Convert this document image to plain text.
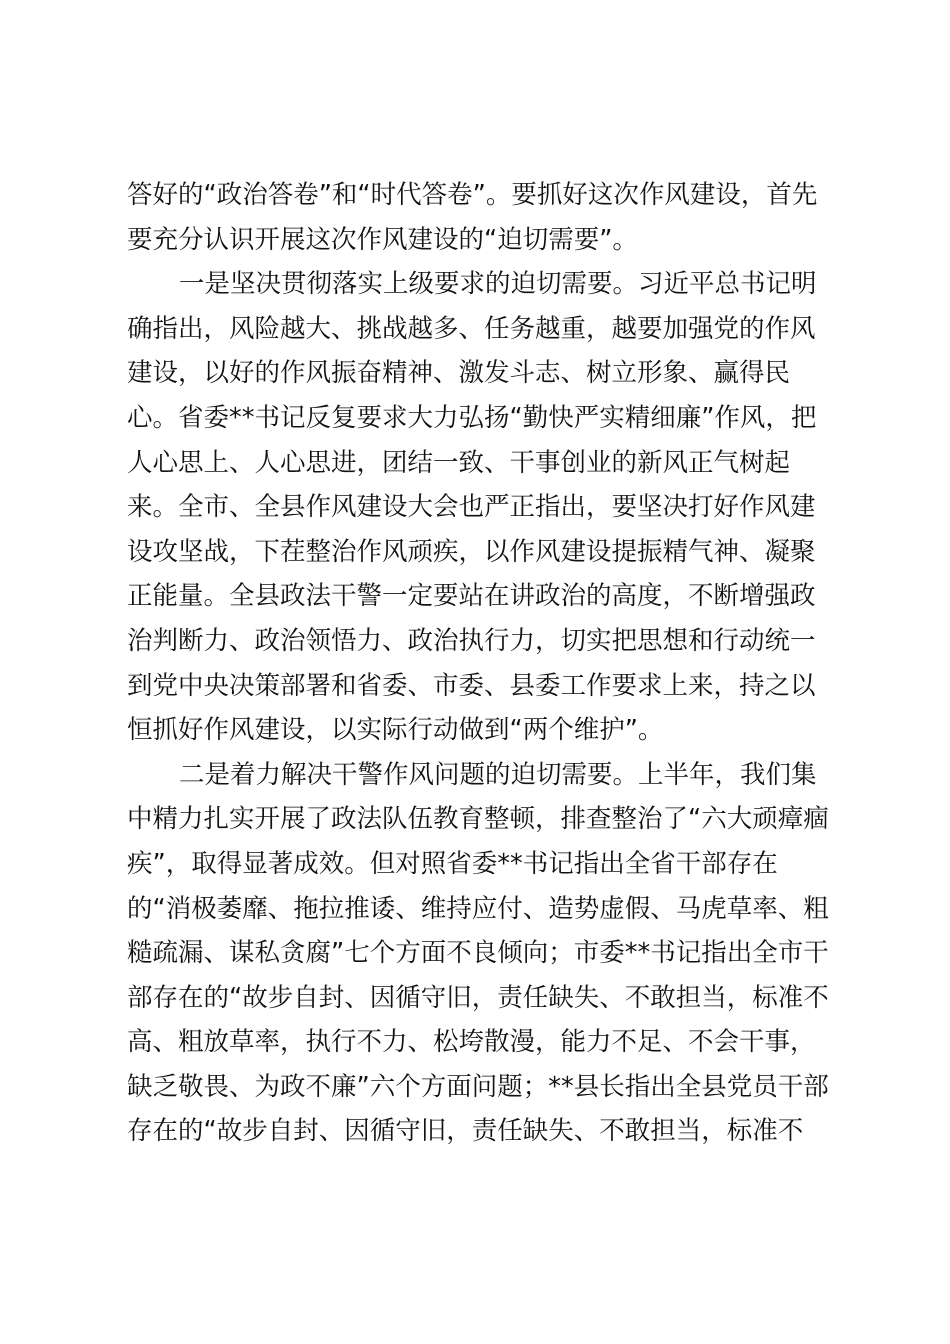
答好的“政治答卷”和“时代答卷”。要抓好这次作风建设，首先
要充分认识开展这次作风建设的“迫切需要”。

一是坚决贯彻落实上级要求的迫切需要。习近平总书记明
确指出，风险越大、挑战越多、任务越重，越要加强党的作风
建设，以好的作风振奋精神、激发斗志、树立形象、赢得民
心。省委**书记反复要求大力弘扬“勤快严实精细廉”作风，把
人心思上、人心思进，团结一致、干事创业的新风正气树起
来。全市、全县作风建设大会也严正指出，要坚决打好作风建
设攻坚战，下茬整治作风顽疾，以作风建设提振精气神、凝聚
正能量。全县政法干警一定要站在讲政治的高度，不断增强政
治判断力、政治领悟力、政治执行力，切实把思想和行动统一
到党中央决策部署和省委、市委、县委工作要求上来，持之以
恒抓好作风建设，以实际行动做到“两个维护”。

二是着力解决干警作风问题的迫切需要。上半年，我们集
中精力扎实开展了政法队伍教育整顿，排查整治了“六大顽瘴痼
疾”，取得显著成效。但对照省委**书记指出全省干部存在
的“消极萎靡、拖拉推诿、维持应付、造势虚假、马虎草率、粗
糙疏漏、谋私贪腐”七个方面不良倾向；市委**书记指出全市干
部存在的“故步自封、因循守旧，责任缺失、不敢担当，标准不
高、粗放草率，执行不力、松垮散漫，能力不足、不会干事，
缺乏敬畏、为政不廉”六个方面问题；**县长指出全县党员干部
存在的“故步自封、因循守旧，责任缺失、不敢担当，标准不
